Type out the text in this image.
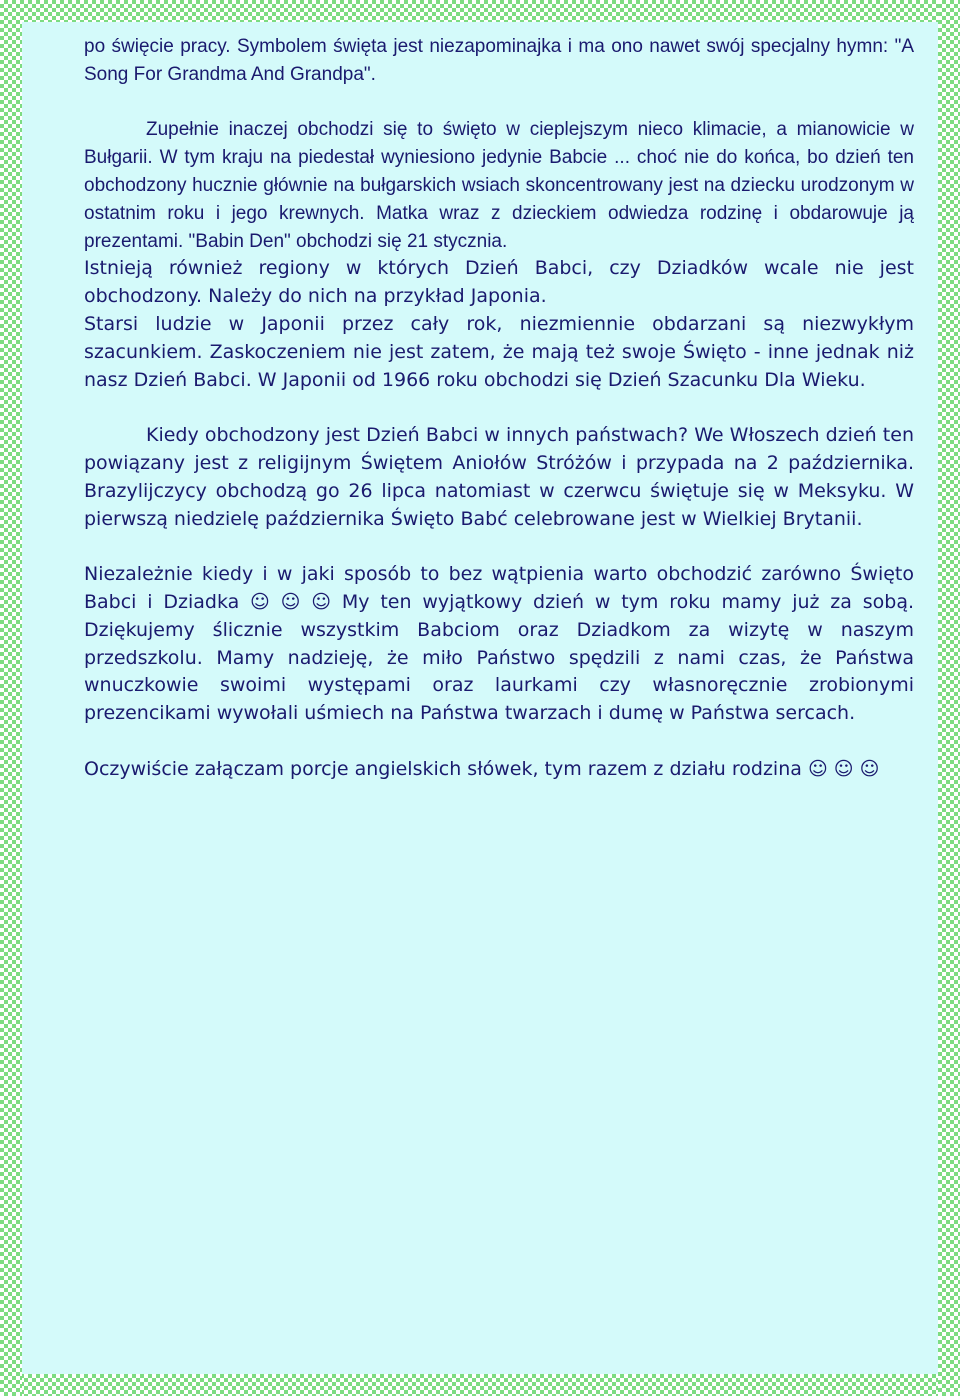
po święcie pracy. Symbolem święta jest niezapominajka i ma ono nawet swój specjalny hymn: "A Song For Grandma And Grandpa".

Zupełnie inaczej obchodzi się to święto w cieplejszym nieco klimacie, a mianowicie w Bułgarii. W tym kraju na piedestał wyniesiono jedynie Babcie ... choć nie do końca, bo dzień ten obchodzony hucznie głównie na bułgarskich wsiach skoncentrowany jest na dziecku urodzonym w ostatnim roku i jego krewnych. Matka wraz z dzieckiem odwiedza rodzinę i obdarowuje ją prezentami. "Babin Den" obchodzi się 21 stycznia.

Istnieją również regiony w których Dzień Babci, czy Dziadków wcale nie jest obchodzony. Należy do nich na przykład Japonia.

Starsi ludzie w Japonii przez cały rok, niezmiennie obdarzani są niezwykłym szacunkiem. Zaskoczeniem nie jest zatem, że mają też swoje Święto - inne jednak niż nasz Dzień Babci. W Japonii od 1966 roku obchodzi się Dzień Szacunku Dla Wieku.

Kiedy obchodzony jest Dzień Babci w innych państwach? We Włoszech dzień ten powiązany jest z religijnym Świętem Aniołów Stróżów i przypada na 2 października. Brazylijczycy obchodzą go 26 lipca natomiast w czerwcu świętuje się w Meksyku. W pierwszą niedzielę października Święto Babć celebrowane jest w Wielkiej Brytanii.

Niezależnie kiedy i w jaki sposób to bez wątpienia warto obchodzić zarówno Święto Babci i Dziadka ☺ ☺ ☺ My ten wyjątkowy dzień w tym roku mamy już za sobą. Dziękujemy ślicznie wszystkim Babciom oraz Dziadkom za wizytę w naszym przedszkolu. Mamy nadzieję, że miło Państwo spędzili z nami czas, że Państwa wnuczkowie swoimi występami oraz laurkami czy własnoręcznie zrobionymi prezencikami wywołali uśmiech na Państwa twarzach i dumę w Państwa sercach.

Oczywiście załączam porcje angielskich słówek, tym razem z działu rodzina ☺ ☺ ☺
